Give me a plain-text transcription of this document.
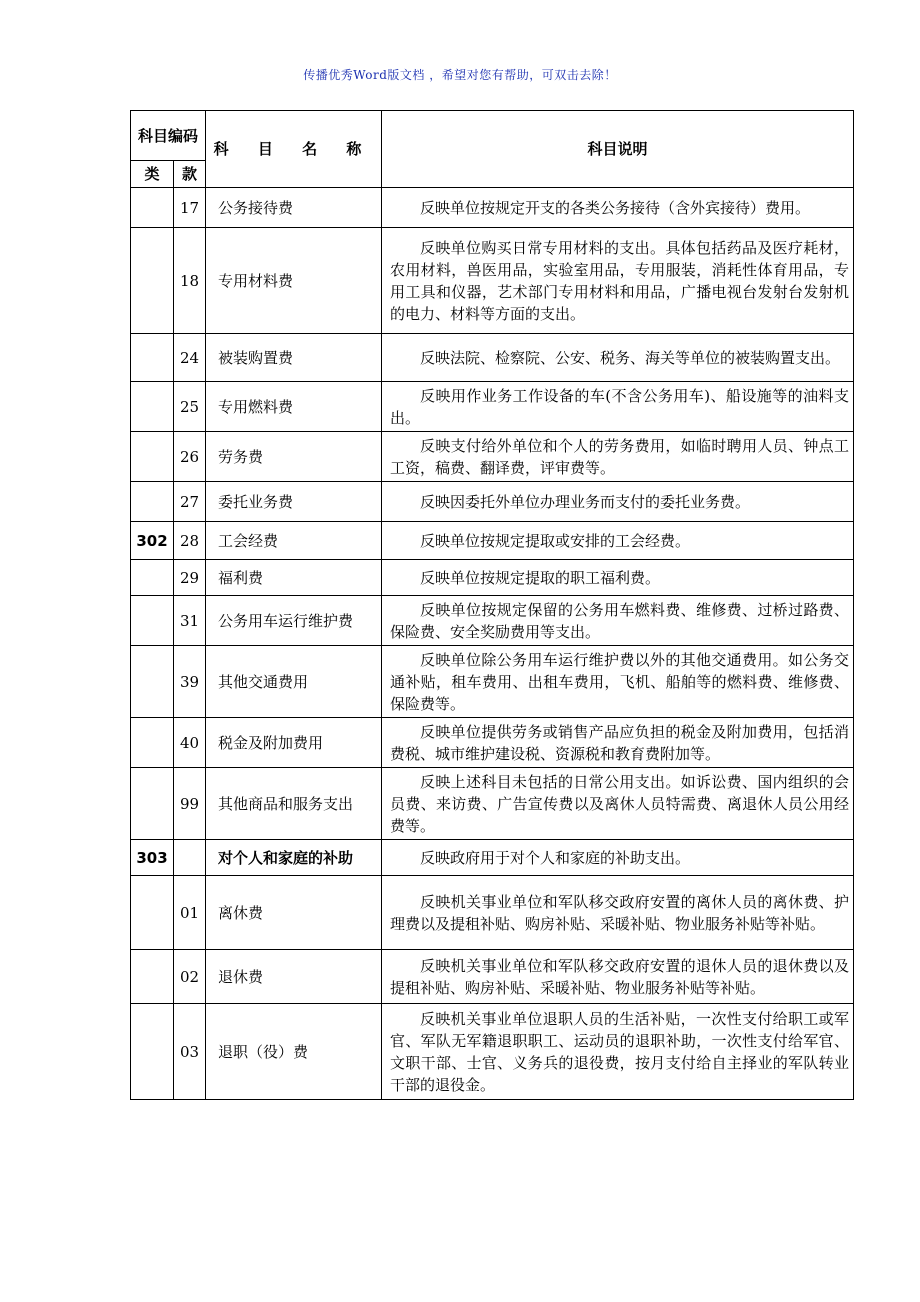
传播优秀Word版文档 ，希望对您有帮助，可双击去除！
科目编码		科 目 名 称	科目说明
类	款		
	17	公务接待费	反映单位按规定开支的各类公务接待（含外宾接待）费用。
	18	专用材料费	反映单位购买日常专用材料的支出。具体包括药品及医疗耗材，农用材料，兽医用品，实验室用品，专用服装，消耗性体育用品，专用工具和仪器，艺术部门专用材料和用品，广播电视台发射台发射机的电力、材料等方面的支出。
	24	被装购置费	反映法院、检察院、公安、税务、海关等单位的被装购置支出。
	25	专用燃料费	反映用作业务工作设备的车(不含公务用车)、船设施等的油料支出。
	26	劳务费	反映支付给外单位和个人的劳务费用，如临时聘用人员、钟点工工资，稿费、翻译费，评审费等。
	27	委托业务费	反映因委托外单位办理业务而支付的委托业务费。
302	28	工会经费	反映单位按规定提取或安排的工会经费。
	29	福利费	反映单位按规定提取的职工福利费。
	31	公务用车运行维护费	反映单位按规定保留的公务用车燃料费、维修费、过桥过路费、保险费、安全奖励费用等支出。
	39	其他交通费用	反映单位除公务用车运行维护费以外的其他交通费用。如公务交通补贴，租车费用、出租车费用，飞机、船舶等的燃料费、维修费、保险费等。
	40	税金及附加费用	反映单位提供劳务或销售产品应负担的税金及附加费用，包括消费税、城市维护建设税、资源税和教育费附加等。
	99	其他商品和服务支出	反映上述科目未包括的日常公用支出。如诉讼费、国内组织的会员费、来访费、广告宣传费以及离休人员特需费、离退休人员公用经费等。
303		对个人和家庭的补助	反映政府用于对个人和家庭的补助支出。
	01	离休费	反映机关事业单位和军队移交政府安置的离休人员的离休费、护理费以及提租补贴、购房补贴、采暖补贴、物业服务补贴等补贴。
	02	退休费	反映机关事业单位和军队移交政府安置的退休人员的退休费以及提租补贴、购房补贴、采暖补贴、物业服务补贴等补贴。
	03	退职（役）费	反映机关事业单位退职人员的生活补贴，一次性支付给职工或军官、军队无军籍退职职工、运动员的退职补助，一次性支付给军官、文职干部、士官、义务兵的退役费，按月支付给自主择业的军队转业干部的退役金。
